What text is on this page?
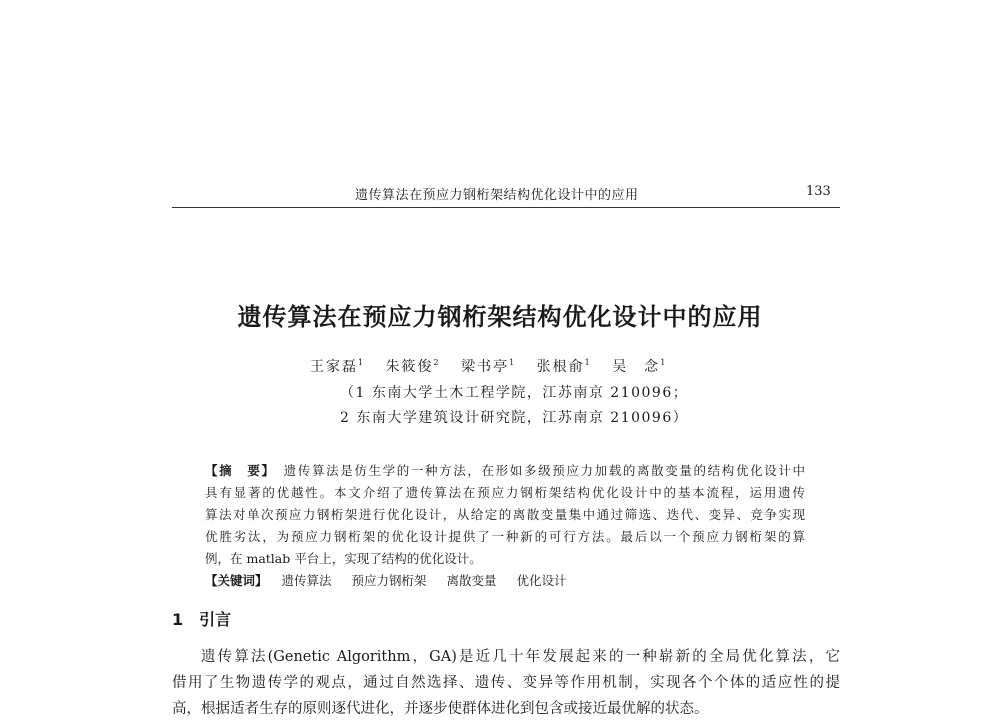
遗传算法在预应力钢桁架结构优化设计中的应用	133
遗传算法在预应力钢桁架结构优化设计中的应用
王家磊$^1$ 朱筱俊$^2$ 梁书亭$^1$ 张根俞$^1$ 吴　念$^1$
（1 东南大学土木工程学院，江苏南京 210096；
2 东南大学建筑设计研究院，江苏南京 210096）
【摘　要】 遗传算法是仿生学的一种方法，在形如多级预应力加载的离散变量的结构优化设计中
具有显著的优越性。本文介绍了遗传算法在预应力钢桁架结构优化设计中的基本流程，运用遗传
算法对单次预应力钢桁架进行优化设计，从给定的离散变量集中通过筛选、迭代、变异、竞争实现
优胜劣汰，为预应力钢桁架的优化设计提供了一种新的可行方法。最后以一个预应力钢桁架的算
例，在 matlab 平台上，实现了结构的优化设计。
【关键词】 遗传算法 预应力钢桁架 离散变量 优化设计
1 引言
遗传算法(Genetic Algorithm，GA)是近几十年发展起来的一种崭新的全局优化算法，它
借用了生物遗传学的观点，通过自然选择、遗传、变异等作用机制，实现各个个体的适应性的提
高，根据适者生存的原则逐代进化，并逐步使群体进化到包含或接近最优解的状态。
